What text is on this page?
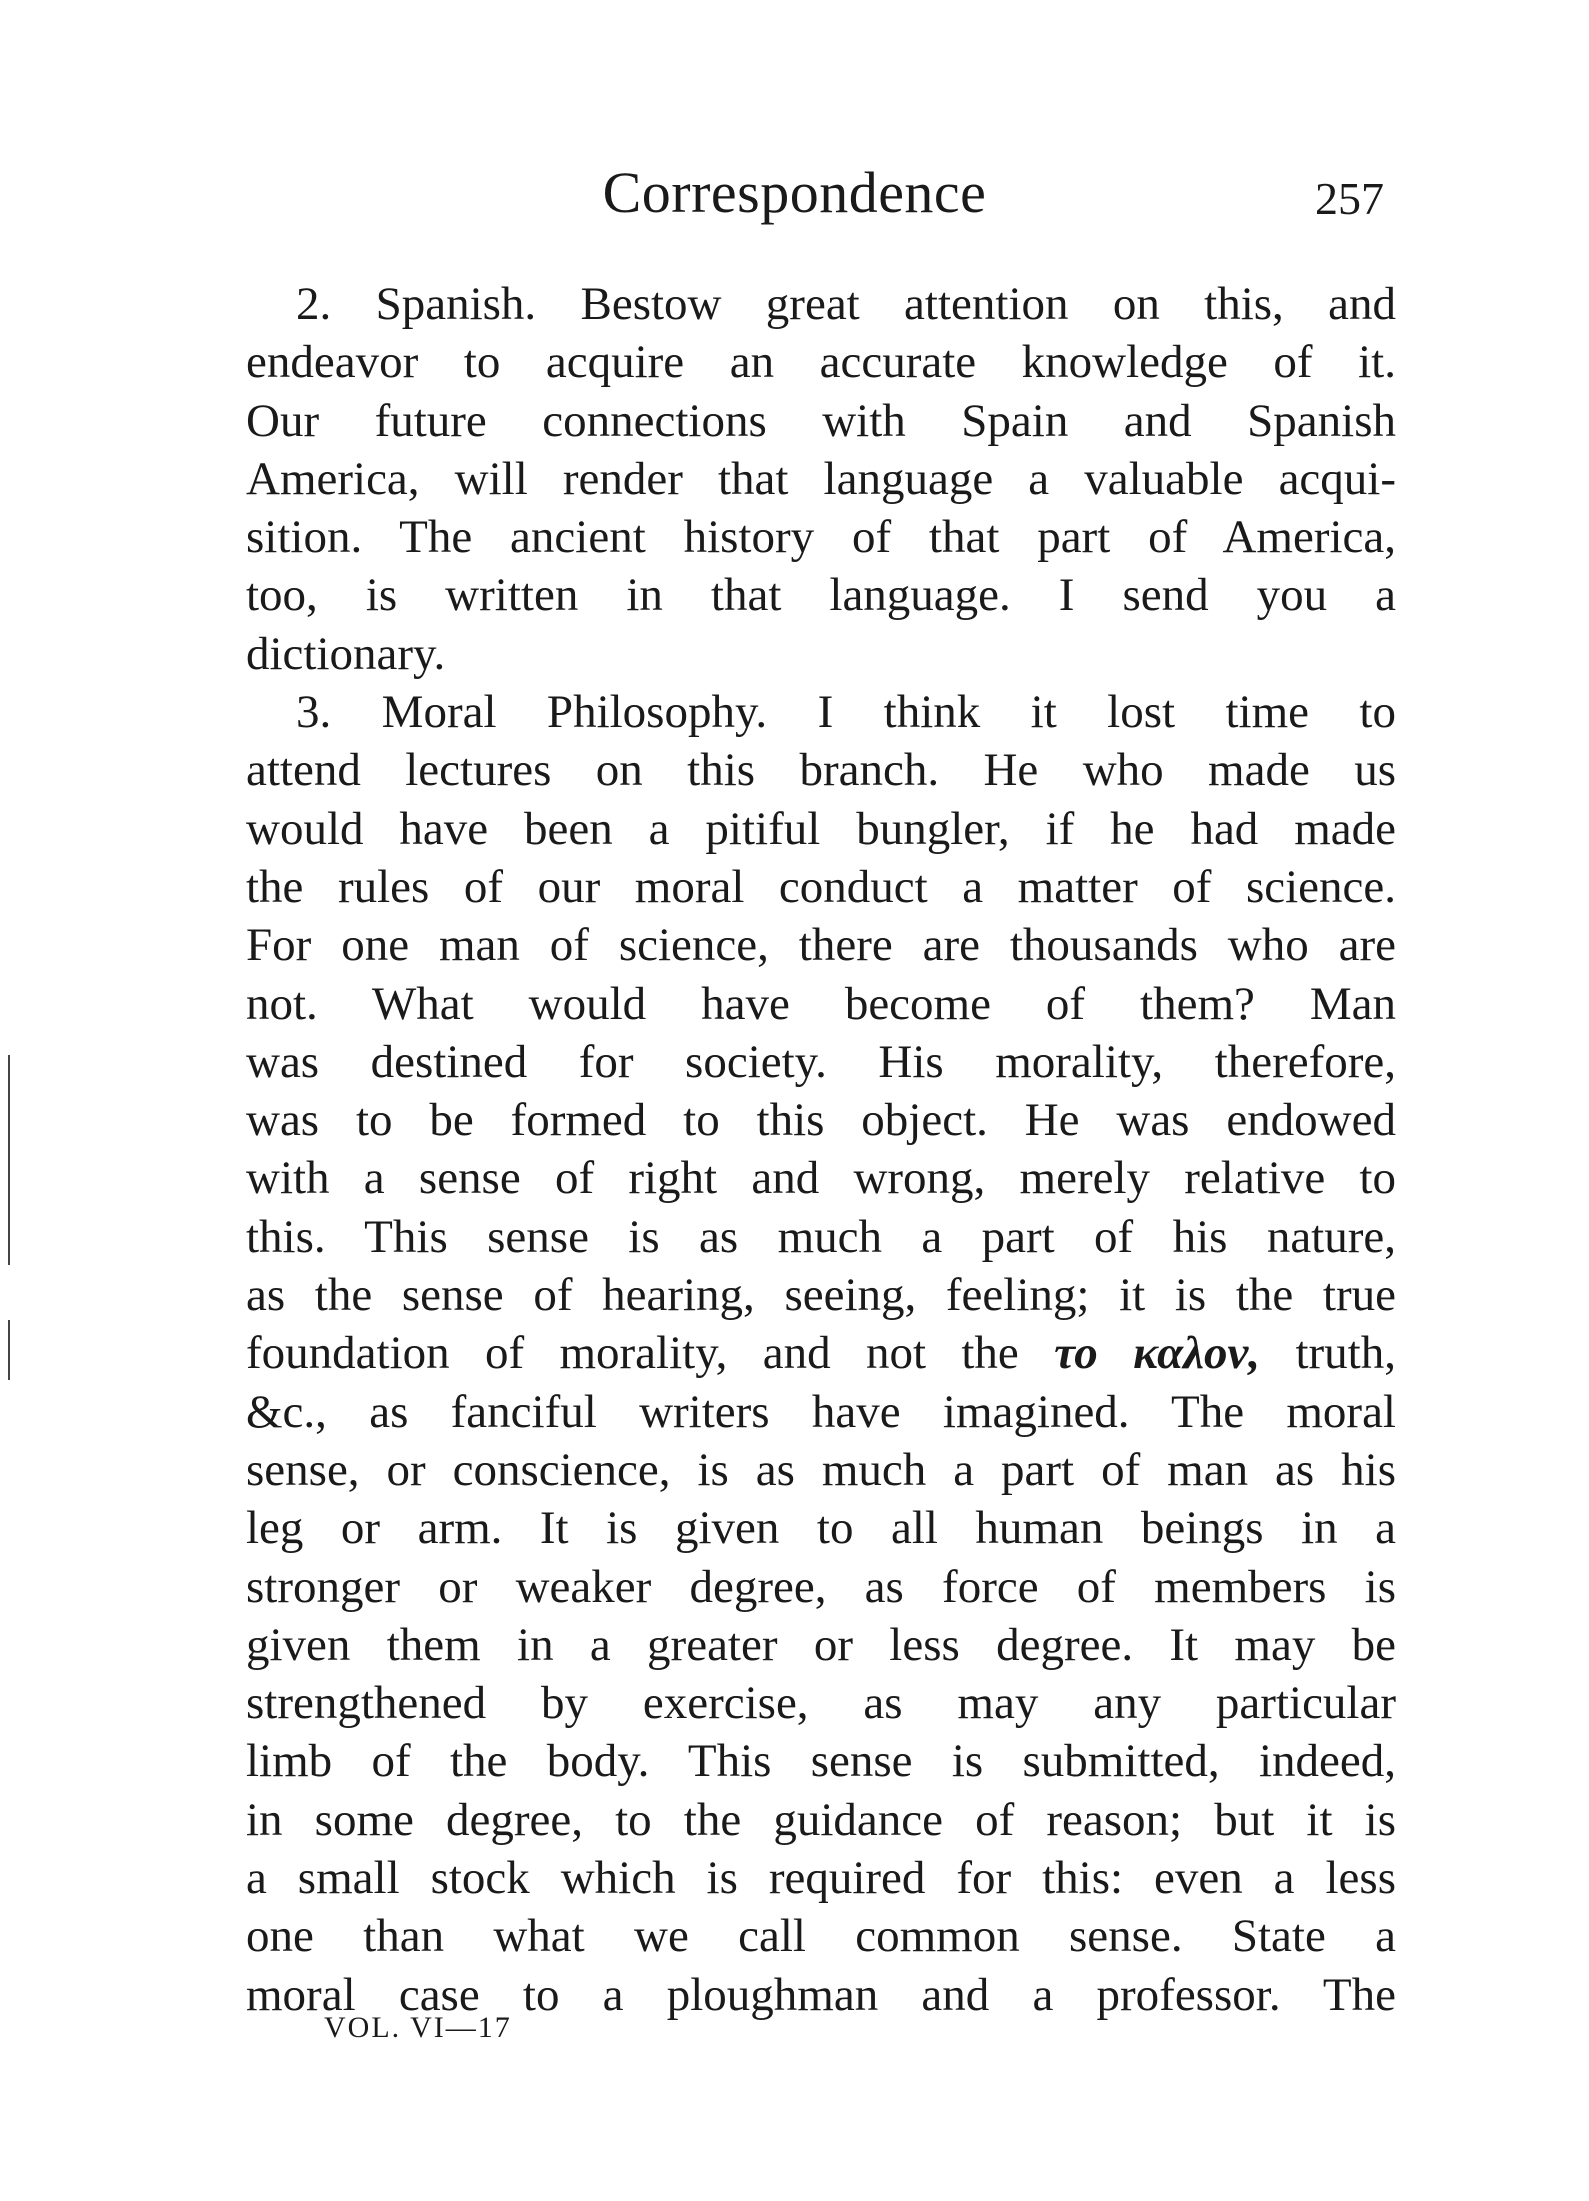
Correspondence	257
2. Spanish. Bestow great attention on this, and
endeavor to acquire an accurate knowledge of it.
Our future connections with Spain and Spanish
America, will render that language a valuable acqui-
sition. The ancient history of that part of America,
too, is written in that language. I send you a
dictionary.
3. Moral Philosophy. I think it lost time to
attend lectures on this branch. He who made us
would have been a pitiful bungler, if he had made
the rules of our moral conduct a matter of science.
For one man of science, there are thousands who are
not. What would have become of them? Man
was destined for society. His morality, therefore,
was to be formed to this object. He was endowed
with a sense of right and wrong, merely relative to
this. This sense is as much a part of his nature,
as the sense of hearing, seeing, feeling; it is the true
foundation of morality, and not the το καλον, truth,
&c., as fanciful writers have imagined. The moral
sense, or conscience, is as much a part of man as his
leg or arm. It is given to all human beings in a
stronger or weaker degree, as force of members is
given them in a greater or less degree. It may be
strengthened by exercise, as may any particular
limb of the body. This sense is submitted, indeed,
in some degree, to the guidance of reason; but it is
a small stock which is required for this: even a less
one than what we call common sense. State a
moral case to a ploughman and a professor. The
VOL. VI—17
